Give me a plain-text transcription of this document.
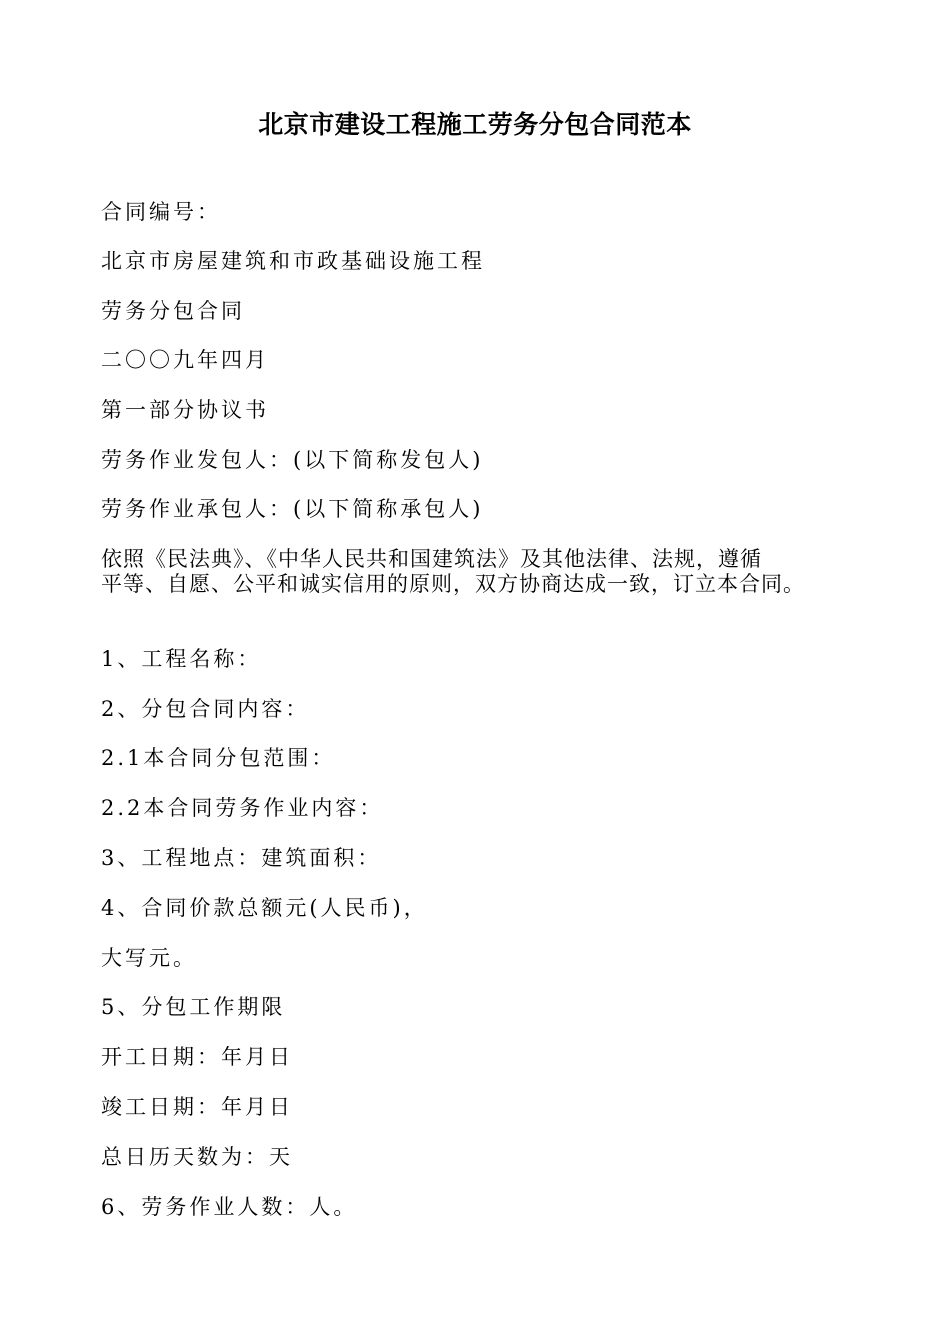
北京市建设工程施工劳务分包合同范本
合同编号：
北京市房屋建筑和市政基础设施工程
劳务分包合同
二〇〇九年四月
第一部分协议书
劳务作业发包人：(以下简称发包人)
劳务作业承包人：(以下简称承包人)
依照《民法典》、《中华人民共和国建筑法》及其他法律、法规，遵循
平等、自愿、公平和诚实信用的原则，双方协商达成一致，订立本合同。
1、工程名称：
2、分包合同内容：
2.1本合同分包范围：
2.2本合同劳务作业内容：
3、工程地点：建筑面积：
4、合同价款总额元(人民币)，
大写元。
5、分包工作期限
开工日期：年月日
竣工日期：年月日
总日历天数为：天
6、劳务作业人数：人。
